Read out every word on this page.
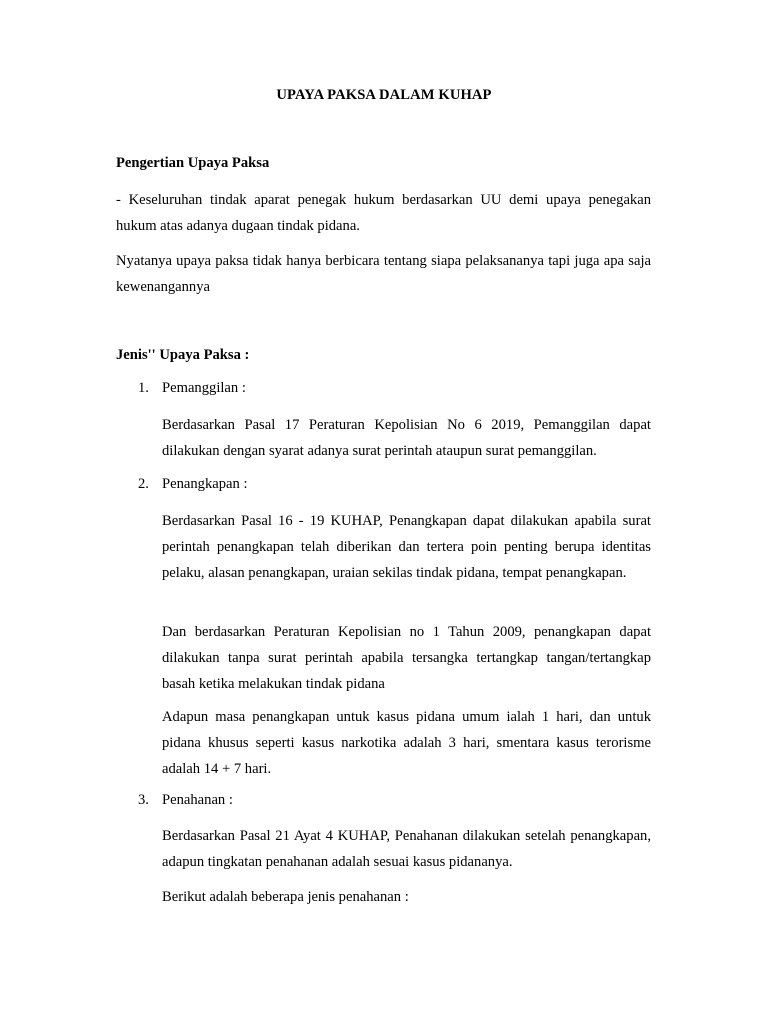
UPAYA PAKSA DALAM KUHAP
Pengertian Upaya Paksa
- Keseluruhan tindak aparat penegak hukum berdasarkan UU demi upaya penegakan hukum atas adanya dugaan tindak pidana.
Nyatanya upaya paksa tidak hanya berbicara tentang siapa pelaksananya tapi juga apa saja kewenangannya
Jenis'' Upaya Paksa :
1. Pemanggilan :
Berdasarkan Pasal 17 Peraturan Kepolisian No 6 2019, Pemanggilan dapat dilakukan dengan syarat adanya surat perintah ataupun surat pemanggilan.
2. Penangkapan :
Berdasarkan Pasal 16 - 19 KUHAP, Penangkapan dapat dilakukan apabila surat perintah penangkapan telah diberikan dan tertera poin penting berupa identitas pelaku, alasan penangkapan, uraian sekilas tindak pidana, tempat penangkapan.
Dan berdasarkan Peraturan Kepolisian no 1 Tahun 2009, penangkapan dapat dilakukan tanpa surat perintah apabila tersangka tertangkap tangan/tertangkap basah ketika melakukan tindak pidana
Adapun masa penangkapan untuk kasus pidana umum ialah 1 hari, dan untuk pidana khusus seperti kasus narkotika adalah 3 hari, smentara kasus terorisme adalah 14 + 7 hari.
3. Penahanan :
Berdasarkan Pasal 21 Ayat 4 KUHAP, Penahanan dilakukan setelah penangkapan, adapun tingkatan penahanan adalah sesuai kasus pidananya.
Berikut adalah beberapa jenis penahanan :
